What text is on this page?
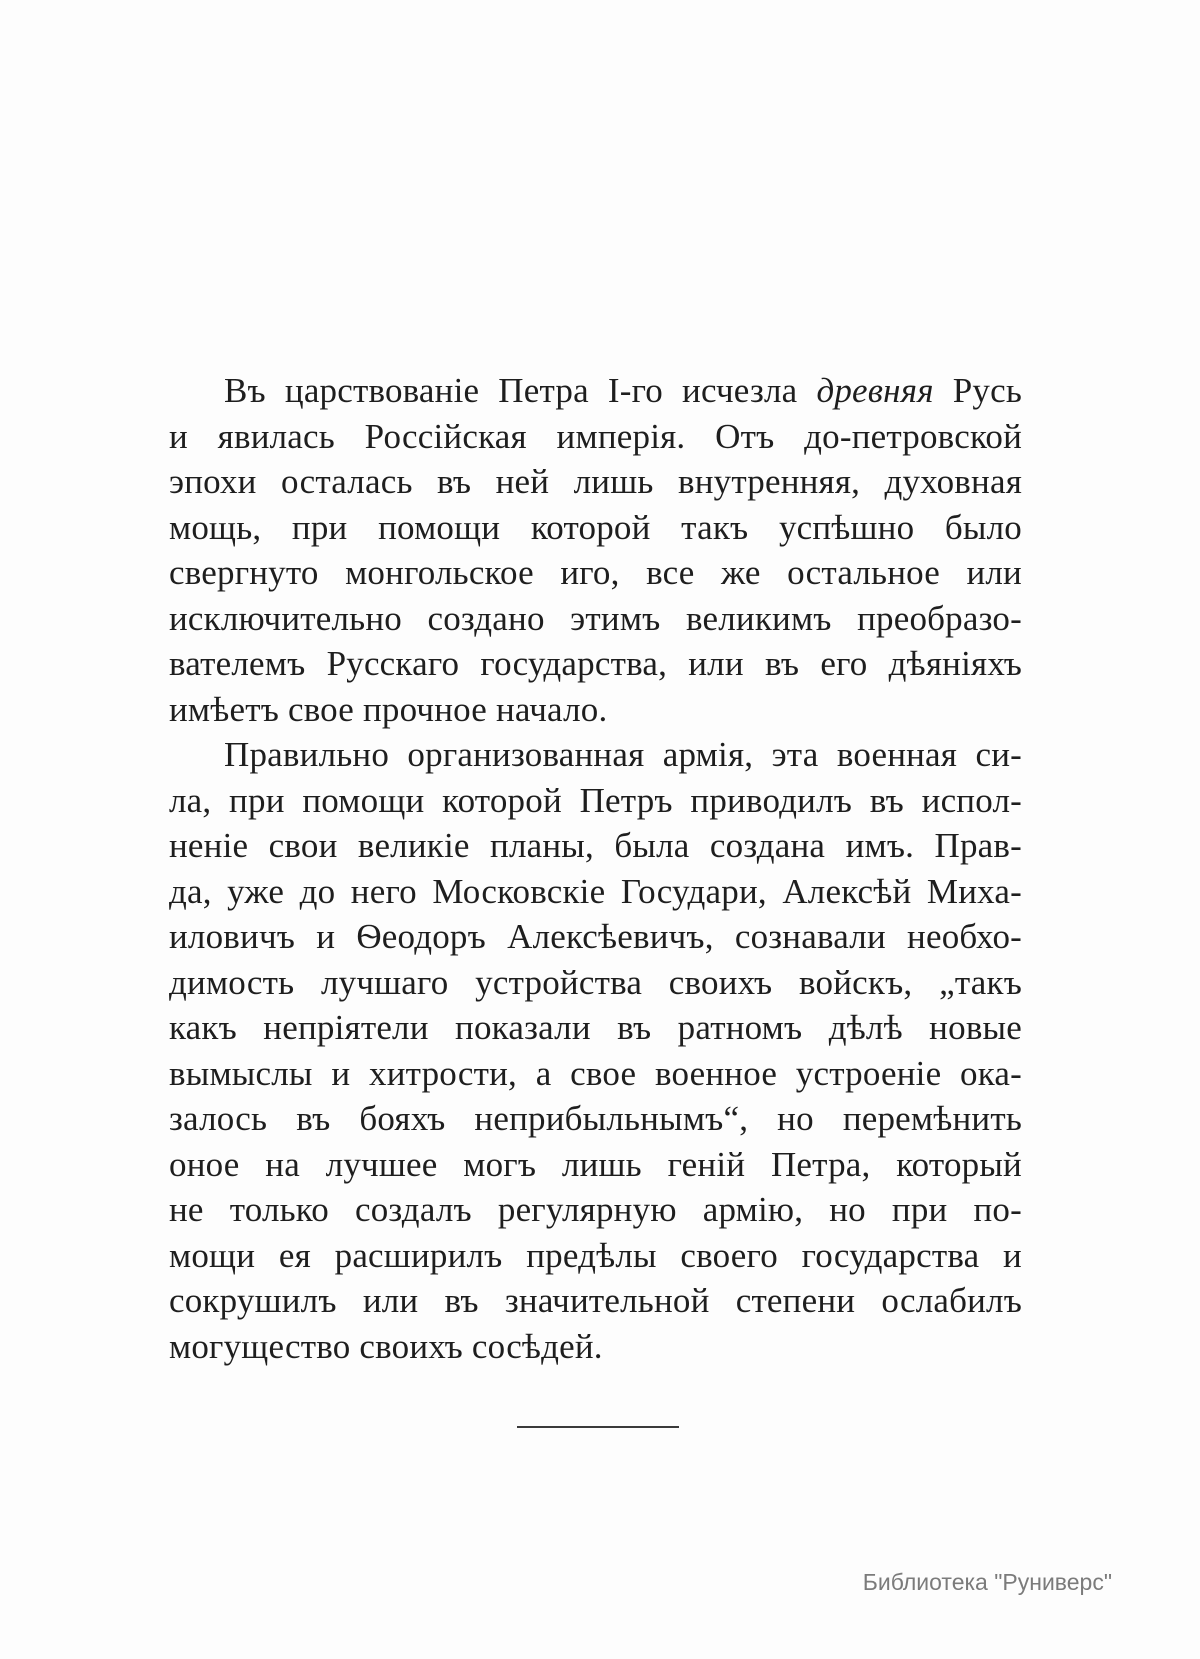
Въ царствованіе Петра I-го исчезла древняя Русь
и явилась Россійская имперія. Отъ до-петровской
эпохи осталась въ ней лишь внутренняя, духовная
мощь, при помощи которой такъ успѣшно было
свергнуто монгольское иго, все же остальное или
исключительно создано этимъ великимъ преобразо-
вателемъ Русскаго государства, или въ его дѣяніяхъ
имѣетъ свое прочное начало.
Правильно организованная армія, эта военная си-
ла, при помощи которой Петръ приводилъ въ испол-
неніе свои великіе планы, была создана имъ. Прав-
да, уже до него Московскіе Государи, Алексѣй Миха-
иловичъ и Ѳеодоръ Алексѣевичъ, сознавали необхо-
димость лучшаго устройства своихъ войскъ, „такъ
какъ непріятели показали въ ратномъ дѣлѣ новые
вымыслы и хитрости, а свое военное устроеніе ока-
залось въ бояхъ неприбыльнымъ“, но перемѣнить
оное на лучшее могъ лишь геній Петра, который
не только создалъ регулярную армію, но при по-
мощи ея расширилъ предѣлы своего государства и
сокрушилъ или въ значительной степени ослабилъ
могущество своихъ сосѣдей.
Библиотека "Руниверс"
